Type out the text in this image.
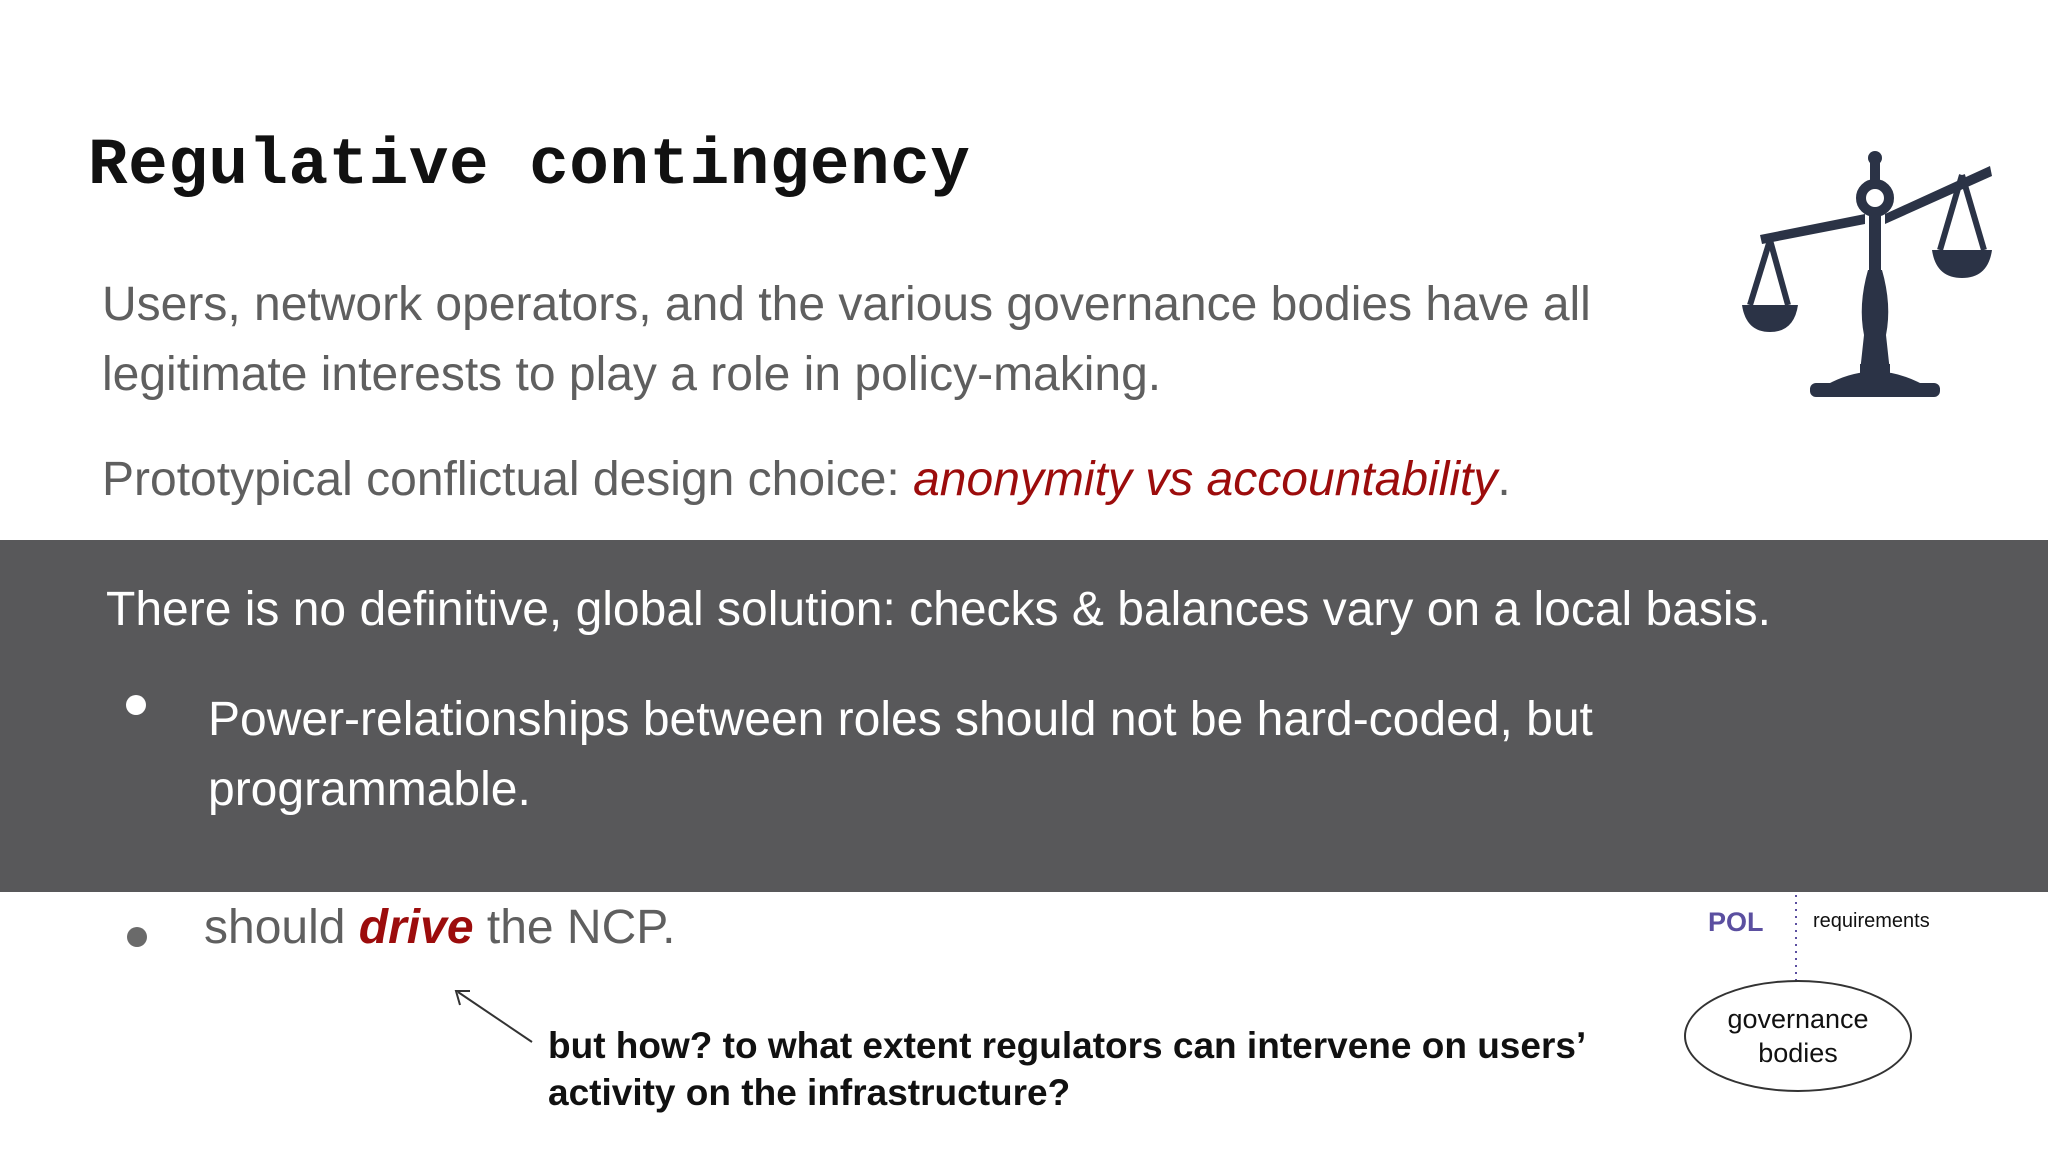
Regulative contingency
Users, network operators, and the various governance bodies have all legitimate interests to play a role in policy-making.
Prototypical conflictual design choice: anonymity vs accountability.
There is no definitive, global solution: checks & balances vary on a local basis.
Power-relationships between roles should not be hard-coded, but programmable.
should drive the NCP.
but how? to what extent regulators can intervene on users’ activity on the infrastructure?
POL requirements
governance bodies
